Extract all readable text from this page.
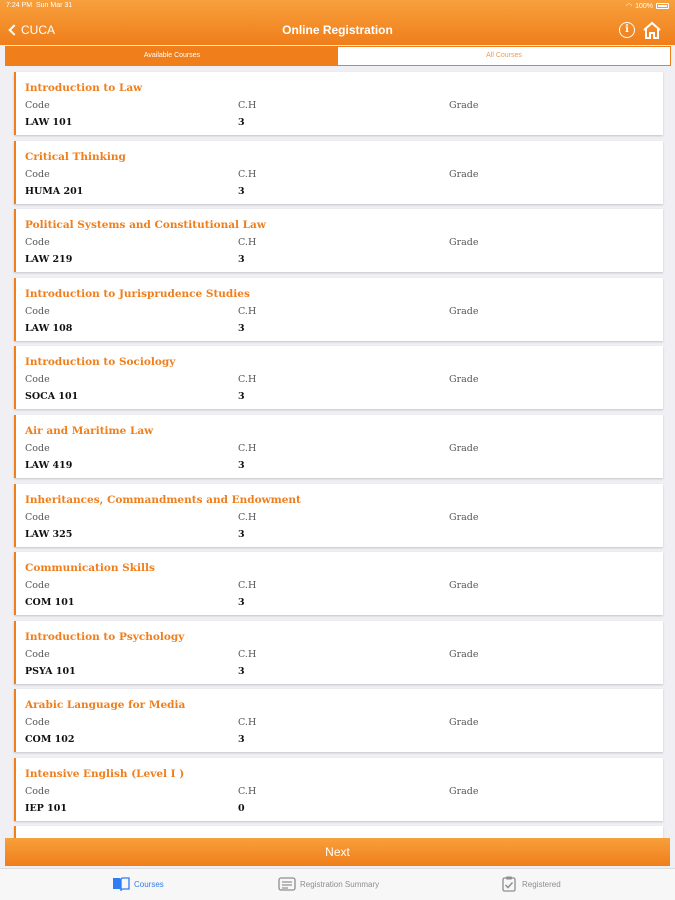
7:24 PM Sun Mar 31	◠ 100%
CUCA	Online Registration	i
Available Courses	All Courses
Introduction to Law
Code	C.H	Grade
LAW 101	3
Critical Thinking
Code	C.H	Grade
HUMA 201	3
Political Systems and Constitutional Law
Code	C.H	Grade
LAW 219	3
Introduction to Jurisprudence Studies
Code	C.H	Grade
LAW 108	3
Introduction to Sociology
Code	C.H	Grade
SOCA 101	3
Air and Maritime Law
Code	C.H	Grade
LAW 419	3
Inheritances, Commandments and Endowment
Code	C.H	Grade
LAW 325	3
Communication Skills
Code	C.H	Grade
COM 101	3
Introduction to Psychology
Code	C.H	Grade
PSYA 101	3
Arabic Language for Media
Code	C.H	Grade
COM 102	3
Intensive English (Level I )
Code	C.H	Grade
IEP 101	0
Next
Courses	Registration Summary	Registered
